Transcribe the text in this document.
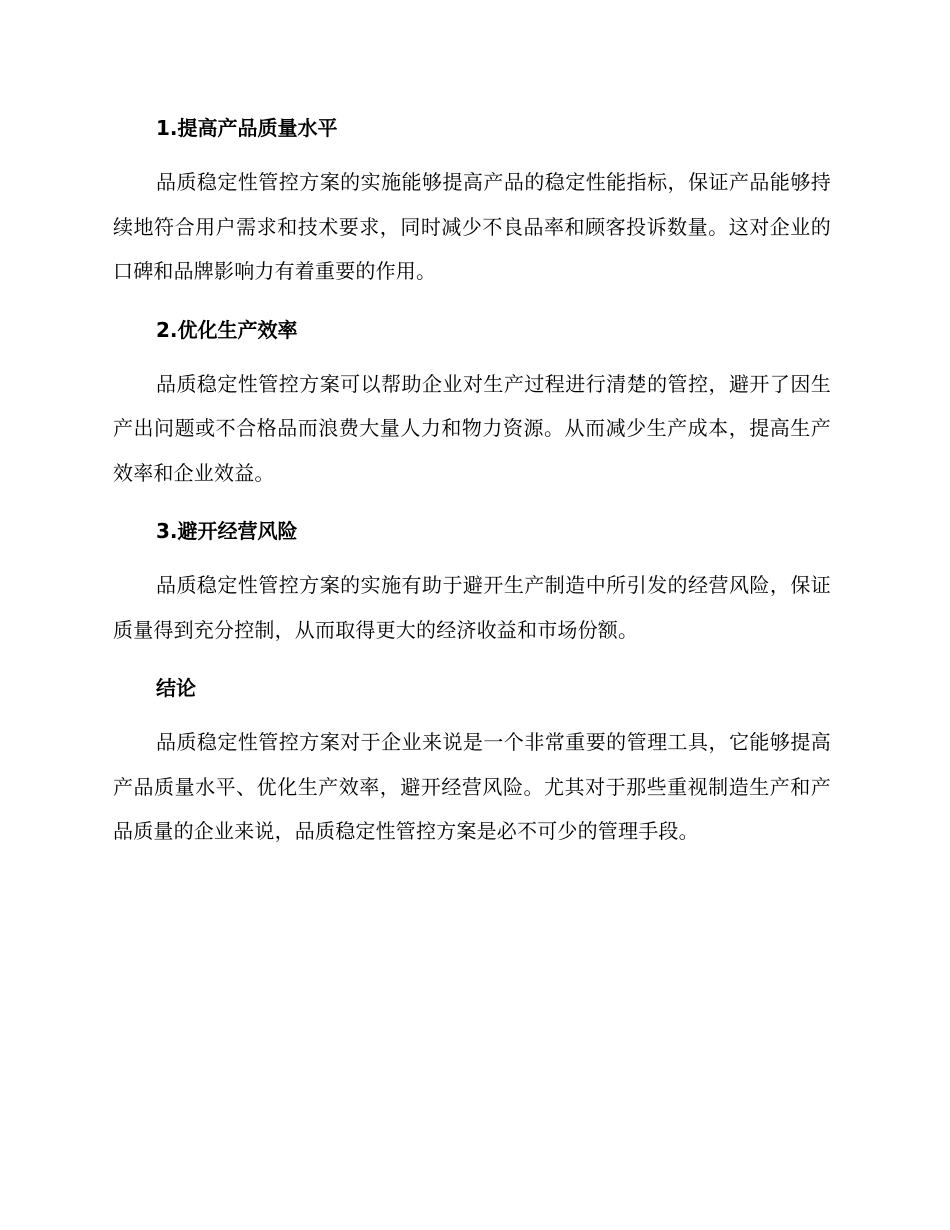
1.提高产品质量水平

品质稳定性管控方案的实施能够提高产品的稳定性能指标，保证产品能够持续地符合用户需求和技术要求，同时减少不良品率和顾客投诉数量。这对企业的口碑和品牌影响力有着重要的作用。

2.优化生产效率

品质稳定性管控方案可以帮助企业对生产过程进行清楚的管控，避开了因生产出问题或不合格品而浪费大量人力和物力资源。从而减少生产成本，提高生产效率和企业效益。

3.避开经营风险

品质稳定性管控方案的实施有助于避开生产制造中所引发的经营风险，保证质量得到充分控制，从而取得更大的经济收益和市场份额。

结论

品质稳定性管控方案对于企业来说是一个非常重要的管理工具，它能够提高产品质量水平、优化生产效率，避开经营风险。尤其对于那些重视制造生产和产品质量的企业来说，品质稳定性管控方案是必不可少的管理手段。
